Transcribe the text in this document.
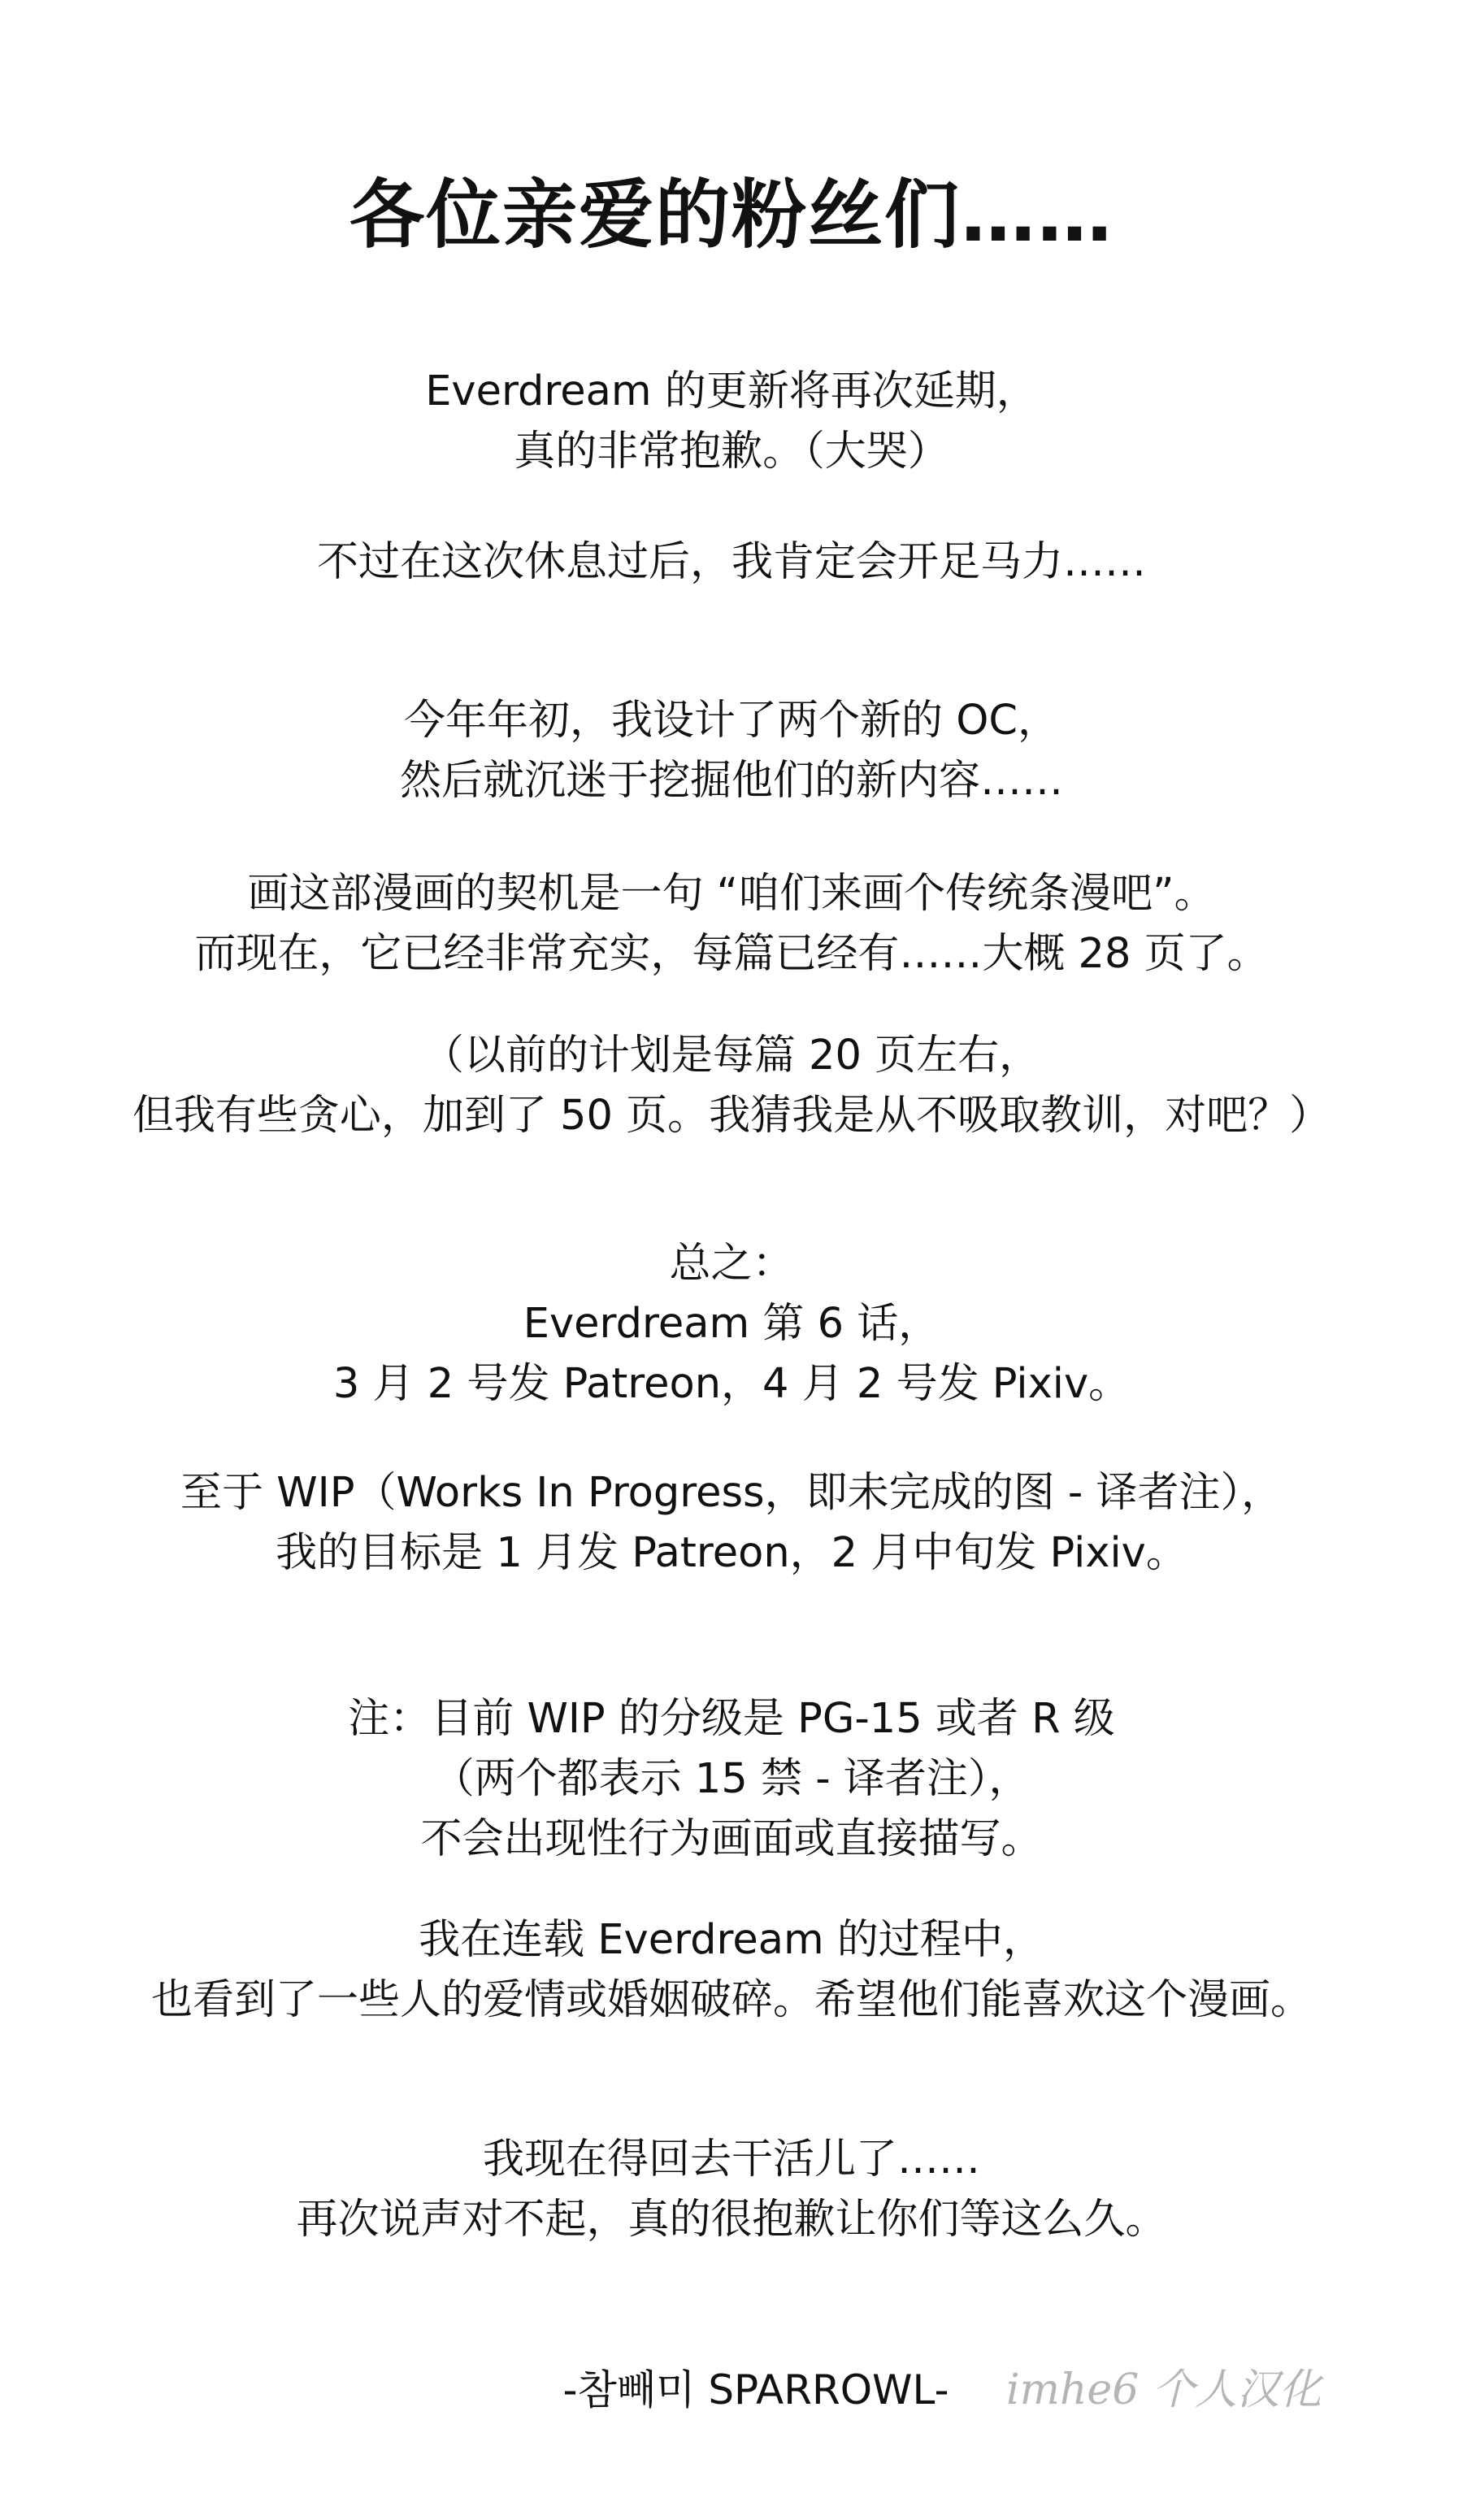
各位亲爱的粉丝们……
Everdream 的更新将再次延期，
真的非常抱歉。（大哭）
不过在这次休息过后，我肯定会开足马力……
今年年初，我设计了两个新的 OC，
然后就沉迷于挖掘他们的新内容……
画这部漫画的契机是一句 “咱们来画个传统条漫吧”。
而现在，它已经非常充实，每篇已经有……大概 28 页了。
（以前的计划是每篇 20 页左右，
但我有些贪心，加到了 50 页。我猜我是从不吸取教训，对吧？）
总之：
Everdream 第 6 话，
3 月 2 号发 Patreon，4 月 2 号发 Pixiv。
至于 WIP（Works In Progress，即未完成的图 - 译者注），
我的目标是 1 月发 Patreon，2 月中旬发 Pixiv。
注：目前 WIP 的分级是 PG-15 或者 R 级
（两个都表示 15 禁 - 译者注），
不会出现性行为画面或直接描写。
我在连载 Everdream 的过程中，
也看到了一些人的爱情或婚姻破碎。希望他们能喜欢这个漫画。
我现在得回去干活儿了……
再次说声对不起，真的很抱歉让你们等这么久。
-참빼미 SPARROWL-	imhe6 个人汉化
